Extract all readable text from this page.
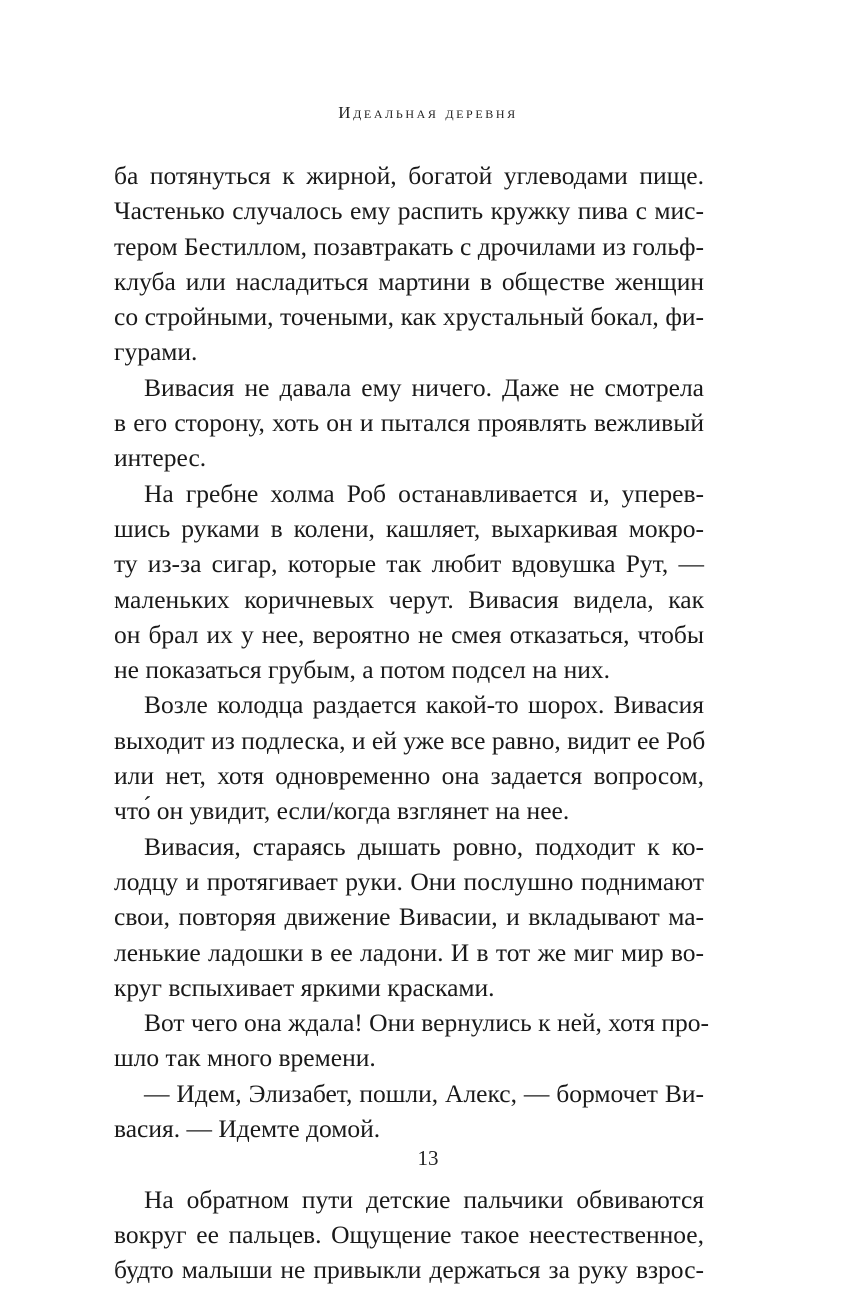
Идеальная деревня
ба потянуться к жирной, богатой углеводами пище.
Частенько случалось ему распить кружку пива с мис-
тером Бестиллом, позавтракать с дрочилами из гольф-
клуба или насладиться мартини в обществе женщин
со стройными, точеными, как хрустальный бокал, фи-
гурами.
Вивасия не давала ему ничего. Даже не смотрела
в его сторону, хоть он и пытался проявлять вежливый
интерес.
На гребне холма Роб останавливается и, уперев-
шись руками в колени, кашляет, выхаркивая мокро-
ту из-за сигар, которые так любит вдовушка Рут, —
маленьких коричневых черут. Вивасия видела, как
он брал их у нее, вероятно не смея отказаться, чтобы
не показаться грубым, а потом подсел на них.
Возле колодца раздается какой-то шорох. Вивасия
выходит из подлеска, и ей уже все равно, видит ее Роб
или нет, хотя одновременно она задается вопросом,
что́ он увидит, если/когда взглянет на нее.
Вивасия, стараясь дышать ровно, подходит к ко-
лодцу и протягивает руки. Они послушно поднимают
свои, повторяя движение Вивасии, и вкладывают ма-
ленькие ладошки в ее ладони. И в тот же миг мир во-
круг вспыхивает яркими красками.
Вот чего она ждала! Они вернулись к ней, хотя про-
шло так много времени.
— Идем, Элизабет, пошли, Алекс, — бормочет Ви-
васия. — Идемте домой.
На обратном пути детские пальчики обвиваются
вокруг ее пальцев. Ощущение такое неестественное,
будто малыши не привыкли держаться за руку взрос-
13
